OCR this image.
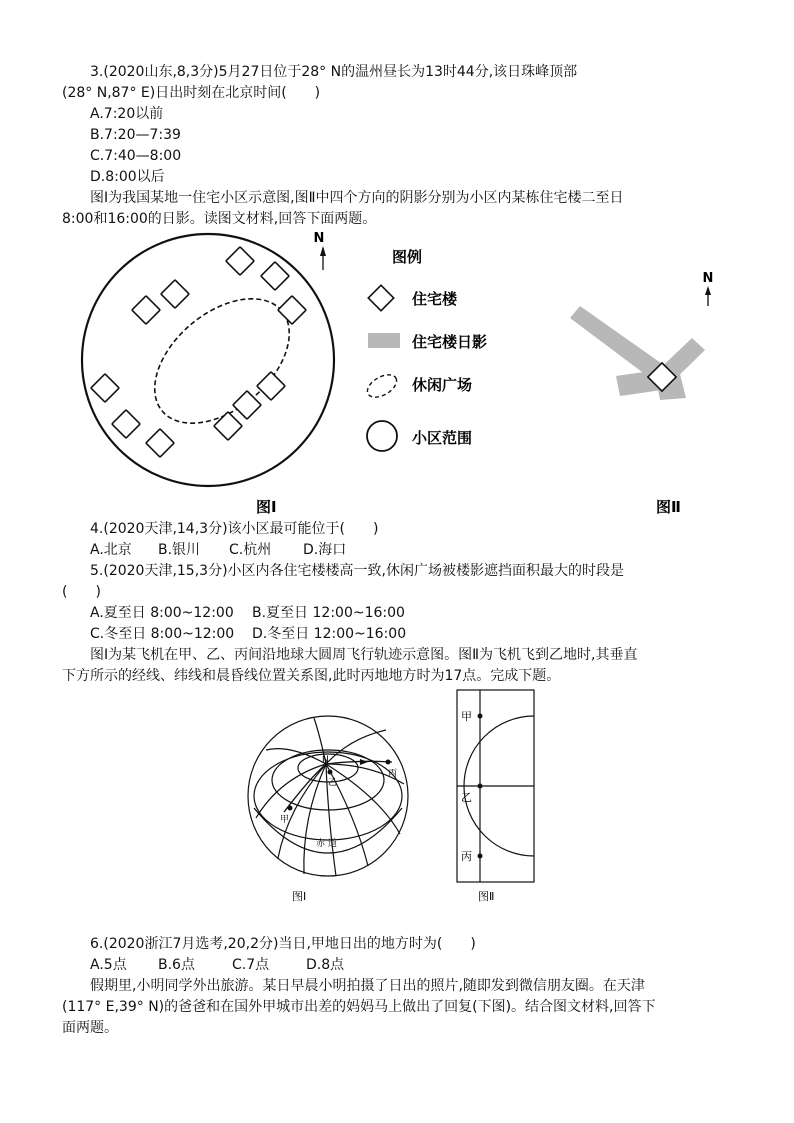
3.(2020山东,8,3分)5月27日位于28° N的温州昼长为13时44分,该日珠峰顶部
(28° N,87° E)日出时刻在北京时间(　　)
A.7:20以前
B.7:20—7:39
C.7:40—8:00
D.8:00以后
图Ⅰ为我国某地一住宅小区示意图,图Ⅱ中四个方向的阴影分别为小区内某栋住宅楼二至日
8:00和16:00的日影。读图文材料,回答下面两题。
N
图例
住宅楼
住宅楼日影
休闲广场
小区范围
N
图Ⅰ	图Ⅱ
4.(2020天津,14,3分)该小区最可能位于(　　)
A.北京 B.银川 C.杭州 D.海口
5.(2020天津,15,3分)小区内各住宅楼楼高一致,休闲广场被楼影遮挡面积最大的时段是
(　　)
A.夏至日 8:00~12:00 B.夏至日 12:00~16:00
C.冬至日 8:00~12:00 D.冬至日 12:00~16:00
图Ⅰ为某飞机在甲、乙、丙间沿地球大圆周飞行轨迹示意图。图Ⅱ为飞机飞到乙地时,其垂直
下方所示的经线、纬线和晨昏线位置关系图,此时丙地地方时为17点。完成下题。
N
甲
乙
丙
赤 道
图Ⅰ
甲
乙
丙
图Ⅱ
6.(2020浙江7月选考,20,2分)当日,甲地日出的地方时为(　　)
A.5点 B.6点	C.7点	D.8点
假期里,小明同学外出旅游。某日早晨小明拍摄了日出的照片,随即发到微信朋友圈。在天津
(117° E,39° N)的爸爸和在国外甲城市出差的妈妈马上做出了回复(下图)。结合图文材料,回答下
面两题。
